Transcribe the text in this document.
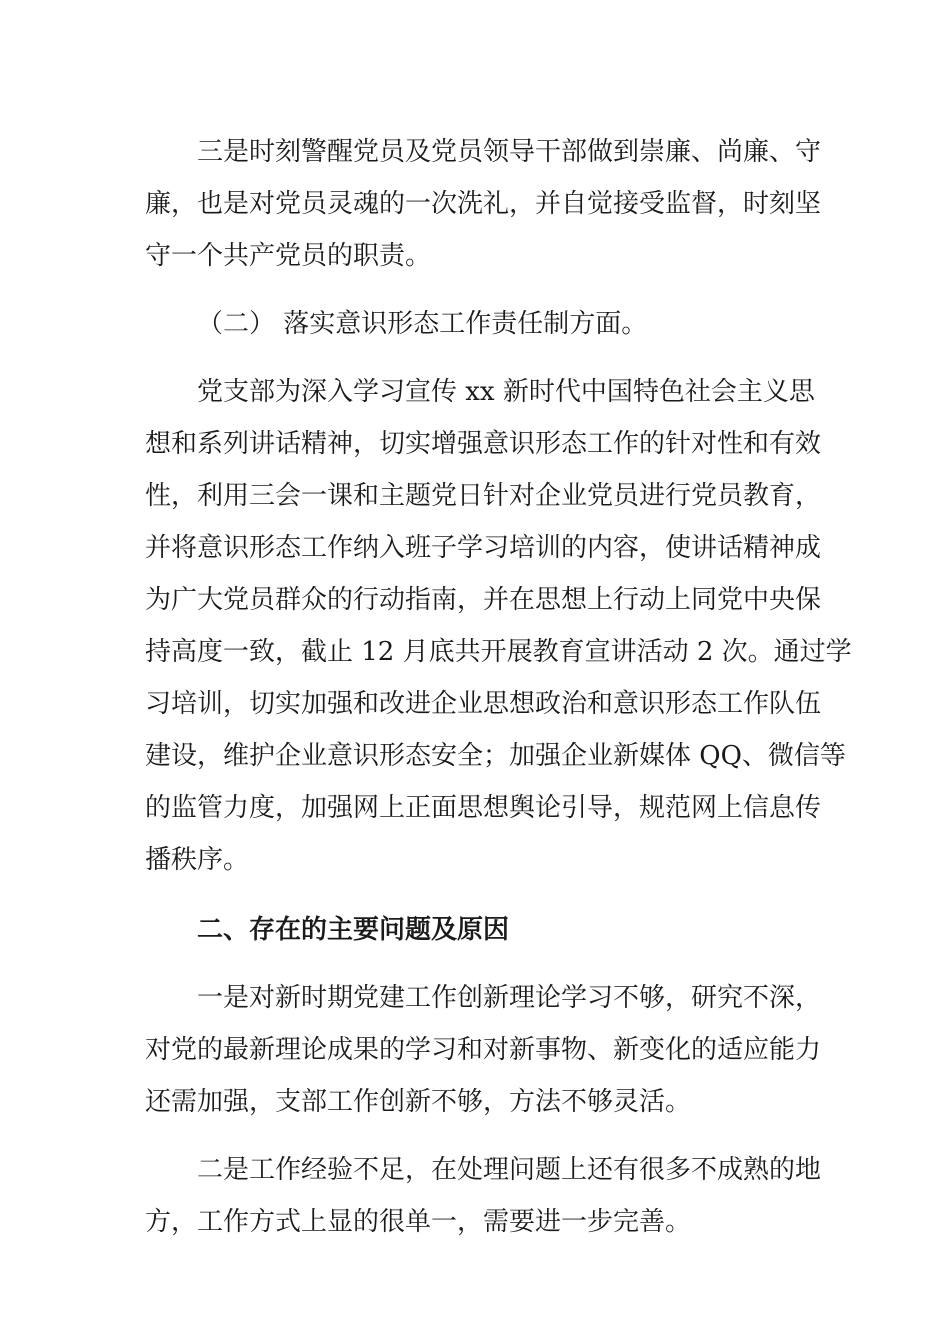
三是时刻警醒党员及党员领导干部做到崇廉、尚廉、守
廉，也是对党员灵魂的一次洗礼，并自觉接受监督，时刻坚
守一个共产党员的职责。
（二） 落实意识形态工作责任制方面。
党支部为深入学习宣传 xx 新时代中国特色社会主义思
想和系列讲话精神，切实增强意识形态工作的针对性和有效
性，利用三会一课和主题党日针对企业党员进行党员教育，
并将意识形态工作纳入班子学习培训的内容，使讲话精神成
为广大党员群众的行动指南，并在思想上行动上同党中央保
持高度一致，截止 12 月底共开展教育宣讲活动 2 次。通过学
习培训，切实加强和改进企业思想政治和意识形态工作队伍
建设，维护企业意识形态安全；加强企业新媒体 QQ、微信等
的监管力度，加强网上正面思想舆论引导，规范网上信息传
播秩序。
二、存在的主要问题及原因
一是对新时期党建工作创新理论学习不够，研究不深，
对党的最新理论成果的学习和对新事物、新变化的适应能力
还需加强，支部工作创新不够，方法不够灵活。
二是工作经验不足，在处理问题上还有很多不成熟的地
方，工作方式上显的很单一，需要进一步完善。
